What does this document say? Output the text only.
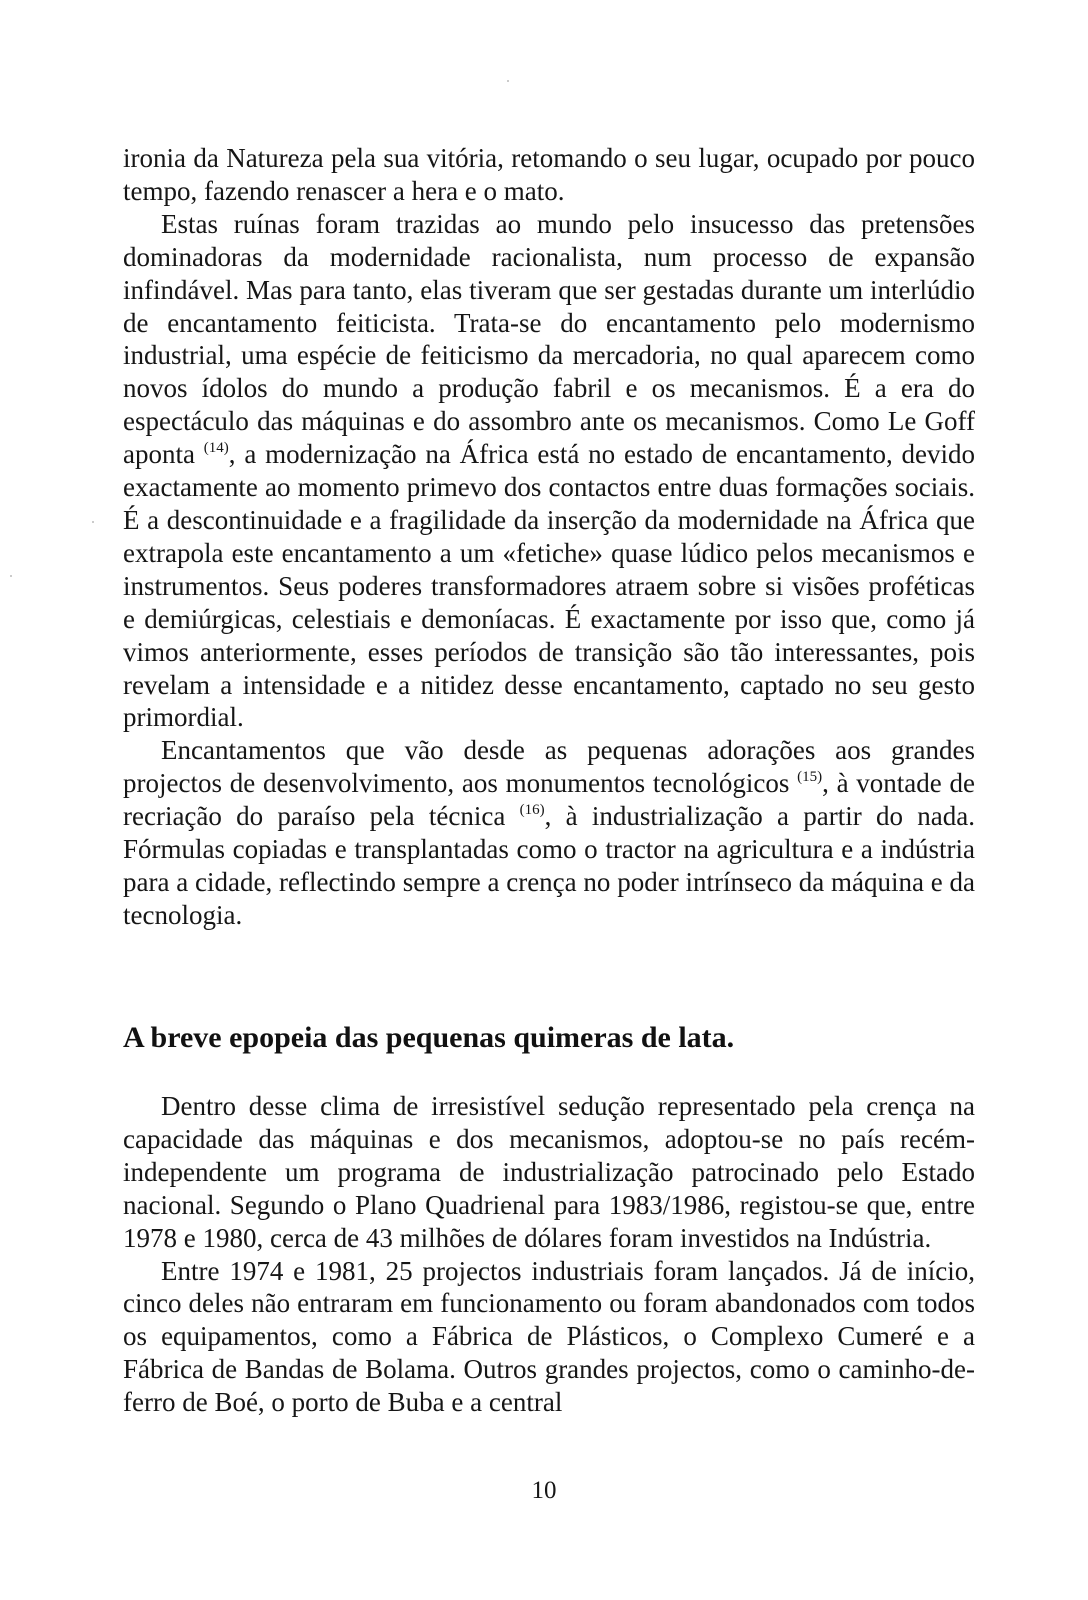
ironia da Natureza pela sua vitória, retomando o seu lugar, ocupado por pouco tempo, fazendo renascer a hera e o mato.

Estas ruínas foram trazidas ao mundo pelo insucesso das pretensões dominadoras da modernidade racionalista, num processo de expansão infindável. Mas para tanto, elas tiveram que ser gestadas durante um interlúdio de encantamento feiticista. Trata-se do encantamento pelo modernismo industrial, uma espécie de feiticismo da mercadoria, no qual aparecem como novos ídolos do mundo a produção fabril e os mecanismos. É a era do espectáculo das máquinas e do assombro ante os mecanismos. Como Le Goff aponta $^{(14)}$, a modernização na África está no estado de encantamento, devido exactamente ao momento primevo dos contactos entre duas formações sociais. É a descontinuidade e a fragilidade da inserção da modernidade na África que extrapola este encantamento a um «fetiche» quase lúdico pelos mecanismos e instrumentos. Seus poderes transformadores atraem sobre si visões proféticas e demiúrgicas, celestiais e demoníacas. É exactamente por isso que, como já vimos anteriormente, esses períodos de transição são tão interessantes, pois revelam a intensidade e a nitidez desse encantamento, captado no seu gesto primordial.

Encantamentos que vão desde as pequenas adorações aos grandes projectos de desenvolvimento, aos monumentos tecnológicos $^{(15)}$, à vontade de recriação do paraíso pela técnica $^{(16)}$, à industrialização a partir do nada. Fórmulas copiadas e transplantadas como o tractor na agricultura e a indústria para a cidade, reflectindo sempre a crença no poder intrínseco da máquina e da tecnologia.

A breve epopeia das pequenas quimeras de lata.

Dentro desse clima de irresistível sedução representado pela crença na capacidade das máquinas e dos mecanismos, adoptou-se no país recém-independente um programa de industrialização patrocinado pelo Estado nacional. Segundo o Plano Quadrienal para 1983/1986, registou-se que, entre 1978 e 1980, cerca de 43 milhões de dólares foram investidos na Indústria.

Entre 1974 e 1981, 25 projectos industriais foram lançados. Já de início, cinco deles não entraram em funcionamento ou foram abandonados com todos os equipamentos, como a Fábrica de Plásticos, o Complexo Cumeré e a Fábrica de Bandas de Bolama. Outros grandes projectos, como o caminho-de-ferro de Boé, o porto de Buba e a central

10
